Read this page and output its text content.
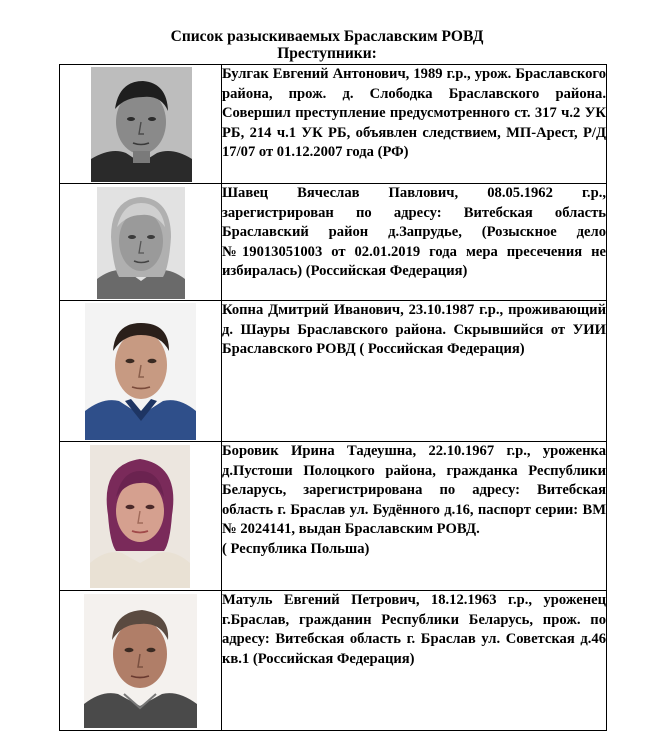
Список разыскиваемых Браславским РОВД
Преступники:

Булгак Евгений Антонович, 1989 г.р., урож. Браславского района, прож. д. Слободка Браславского района. Совершил преступление предусмотренного ст. 317 ч.2 УК РБ, 214 ч.1 УК РБ, объявлен следствием, МП-Арест, Р/Д 17/07 от 01.12.2007 года (РФ)

Шавец Вячеслав Павлович, 08.05.1962 г.р., зарегистрирован по адресу: Витебская область Браславский район д.Запрудье, (Розыскное дело №19013051003 от 02.01.2019 года мера пресечения не избиралась) (Российская Федерация)

Копна Дмитрий Иванович, 23.10.1987 г.р., проживающий д. Шауры Браславского района. Скрывшийся от УИИ Браславского РОВД ( Российская Федерация)

Боровик Ирина Тадеушна, 22.10.1967 г.р., уроженка д.Пустоши Полоцкого района, гражданка Республики Беларусь, зарегистрирована по адресу: Витебская область г. Браслав ул. Будённого д.16, паспорт серии: ВМ № 2024141, выдан Браславским РОВД.
( Республика Польша)

Матуль Евгений Петрович, 18.12.1963 г.р., уроженец г.Браслав, гражданин Республики Беларусь, прож. по адресу: Витебская область г. Браслав ул. Советская д.46 кв.1 (Российская Федерация)
